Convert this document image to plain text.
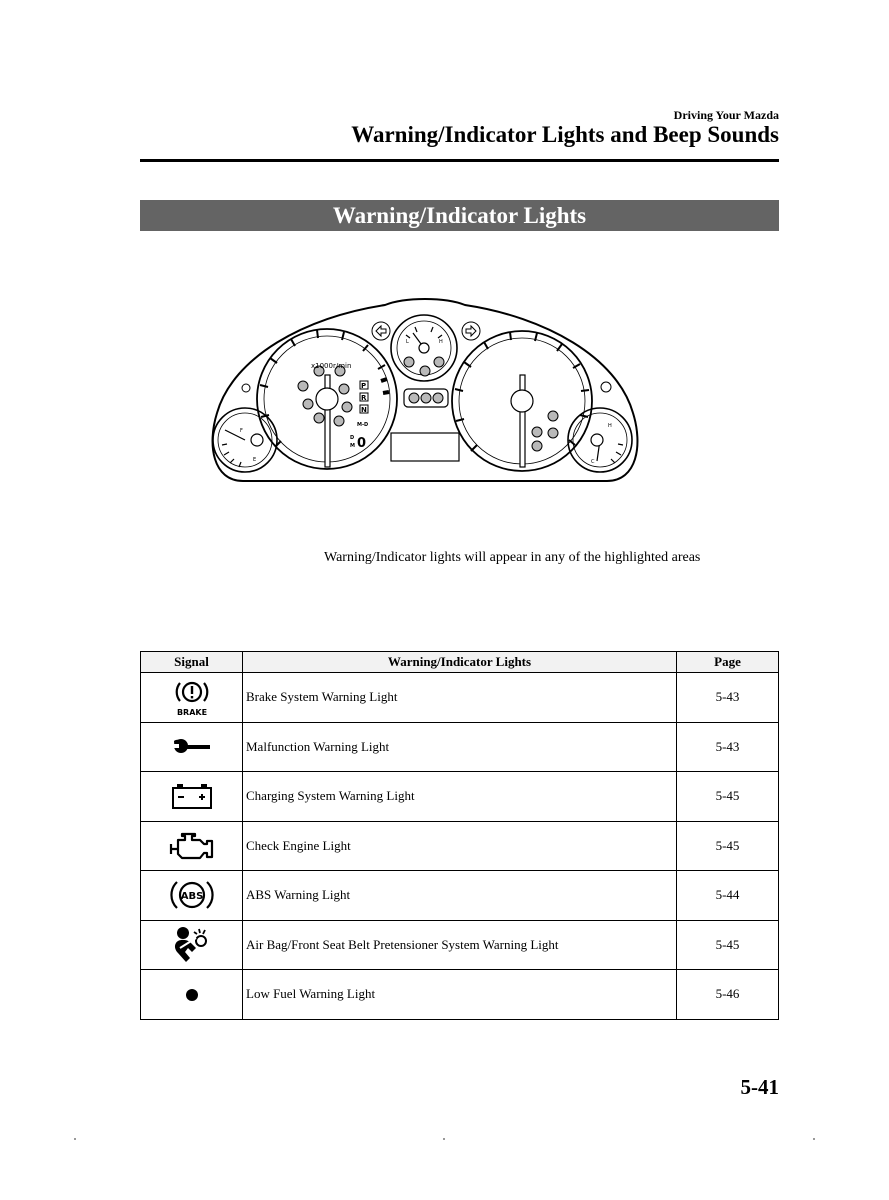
Driving Your Mazda
Warning/Indicator Lights and Beep Sounds
Warning/Indicator Lights
x1000r/min
P
R
N
M-D
D
M 0
F
E
L	H
H
C
Warning/Indicator lights will appear in any of the highlighted areas
Signal	Warning/Indicator Lights	Page

BRAKE	Brake System Warning Light	5-43
	Malfunction Warning Light	5-43
	Charging System Warning Light	5-45
	Check Engine Light	5-45

ABS	ABS Warning Light	5-44
	Air Bag/Front Seat Belt Pretensioner System Warning Light	5-45
	Low Fuel Warning Light	5-46
5-41
